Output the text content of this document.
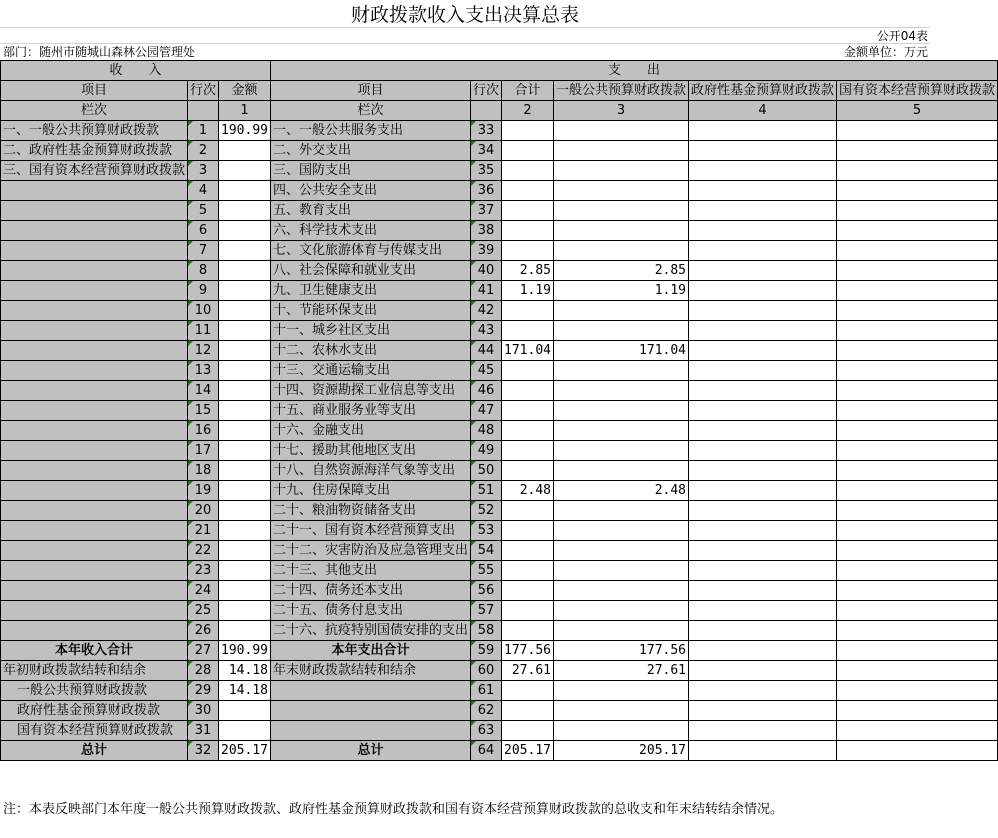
财政拨款收入支出决算总表
公开04表
部门：随州市随城山森林公园管理处	金额单位：万元
收　　入			支　　出					
项目	行次	金额	项目	行次	合计	一般公共预算财政拨款	政府性基金预算财政拨款	国有资本经营预算财政拨款
栏次		1	栏次		2	3	4	5
一、一般公共预算财政拨款	1	190.99	一、一般公共服务支出	33				
二、政府性基金预算财政拨款	2		二、外交支出	34				
三、国有资本经营预算财政拨款	3		三、国防支出	35				
	4		四、公共安全支出	36				
	5		五、教育支出	37				
	6		六、科学技术支出	38				
	7		七、文化旅游体育与传媒支出	39				
	8		八、社会保障和就业支出	40	2.85	2.85		
	9		九、卫生健康支出	41	1.19	1.19		
	10		十、节能环保支出	42				
	11		十一、城乡社区支出	43				
	12		十二、农林水支出	44	171.04	171.04		
	13		十三、交通运输支出	45				
	14		十四、资源勘探工业信息等支出	46				
	15		十五、商业服务业等支出	47				
	16		十六、金融支出	48				
	17		十七、援助其他地区支出	49				
	18		十八、自然资源海洋气象等支出	50				
	19		十九、住房保障支出	51	2.48	2.48		
	20		二十、粮油物资储备支出	52				
	21		二十一、国有资本经营预算支出	53				
	22		二十二、灾害防治及应急管理支出	54				
	23		二十三、其他支出	55				
	24		二十四、债务还本支出	56				
	25		二十五、债务付息支出	57				
	26		二十六、抗疫特别国债安排的支出	58				
本年收入合计	27	190.99	本年支出合计	59	177.56	177.56		
年初财政拨款结转和结余	28	14.18	年末财政拨款结转和结余	60	27.61	27.61		
一般公共预算财政拨款	29	14.18		61				
政府性基金预算财政拨款	30			62				
国有资本经营预算财政拨款	31			63				
总计	32	205.17	总计	64	205.17	205.17		
注：本表反映部门本年度一般公共预算财政拨款、政府性基金预算财政拨款和国有资本经营预算财政拨款的总收支和年末结转结余情况。
